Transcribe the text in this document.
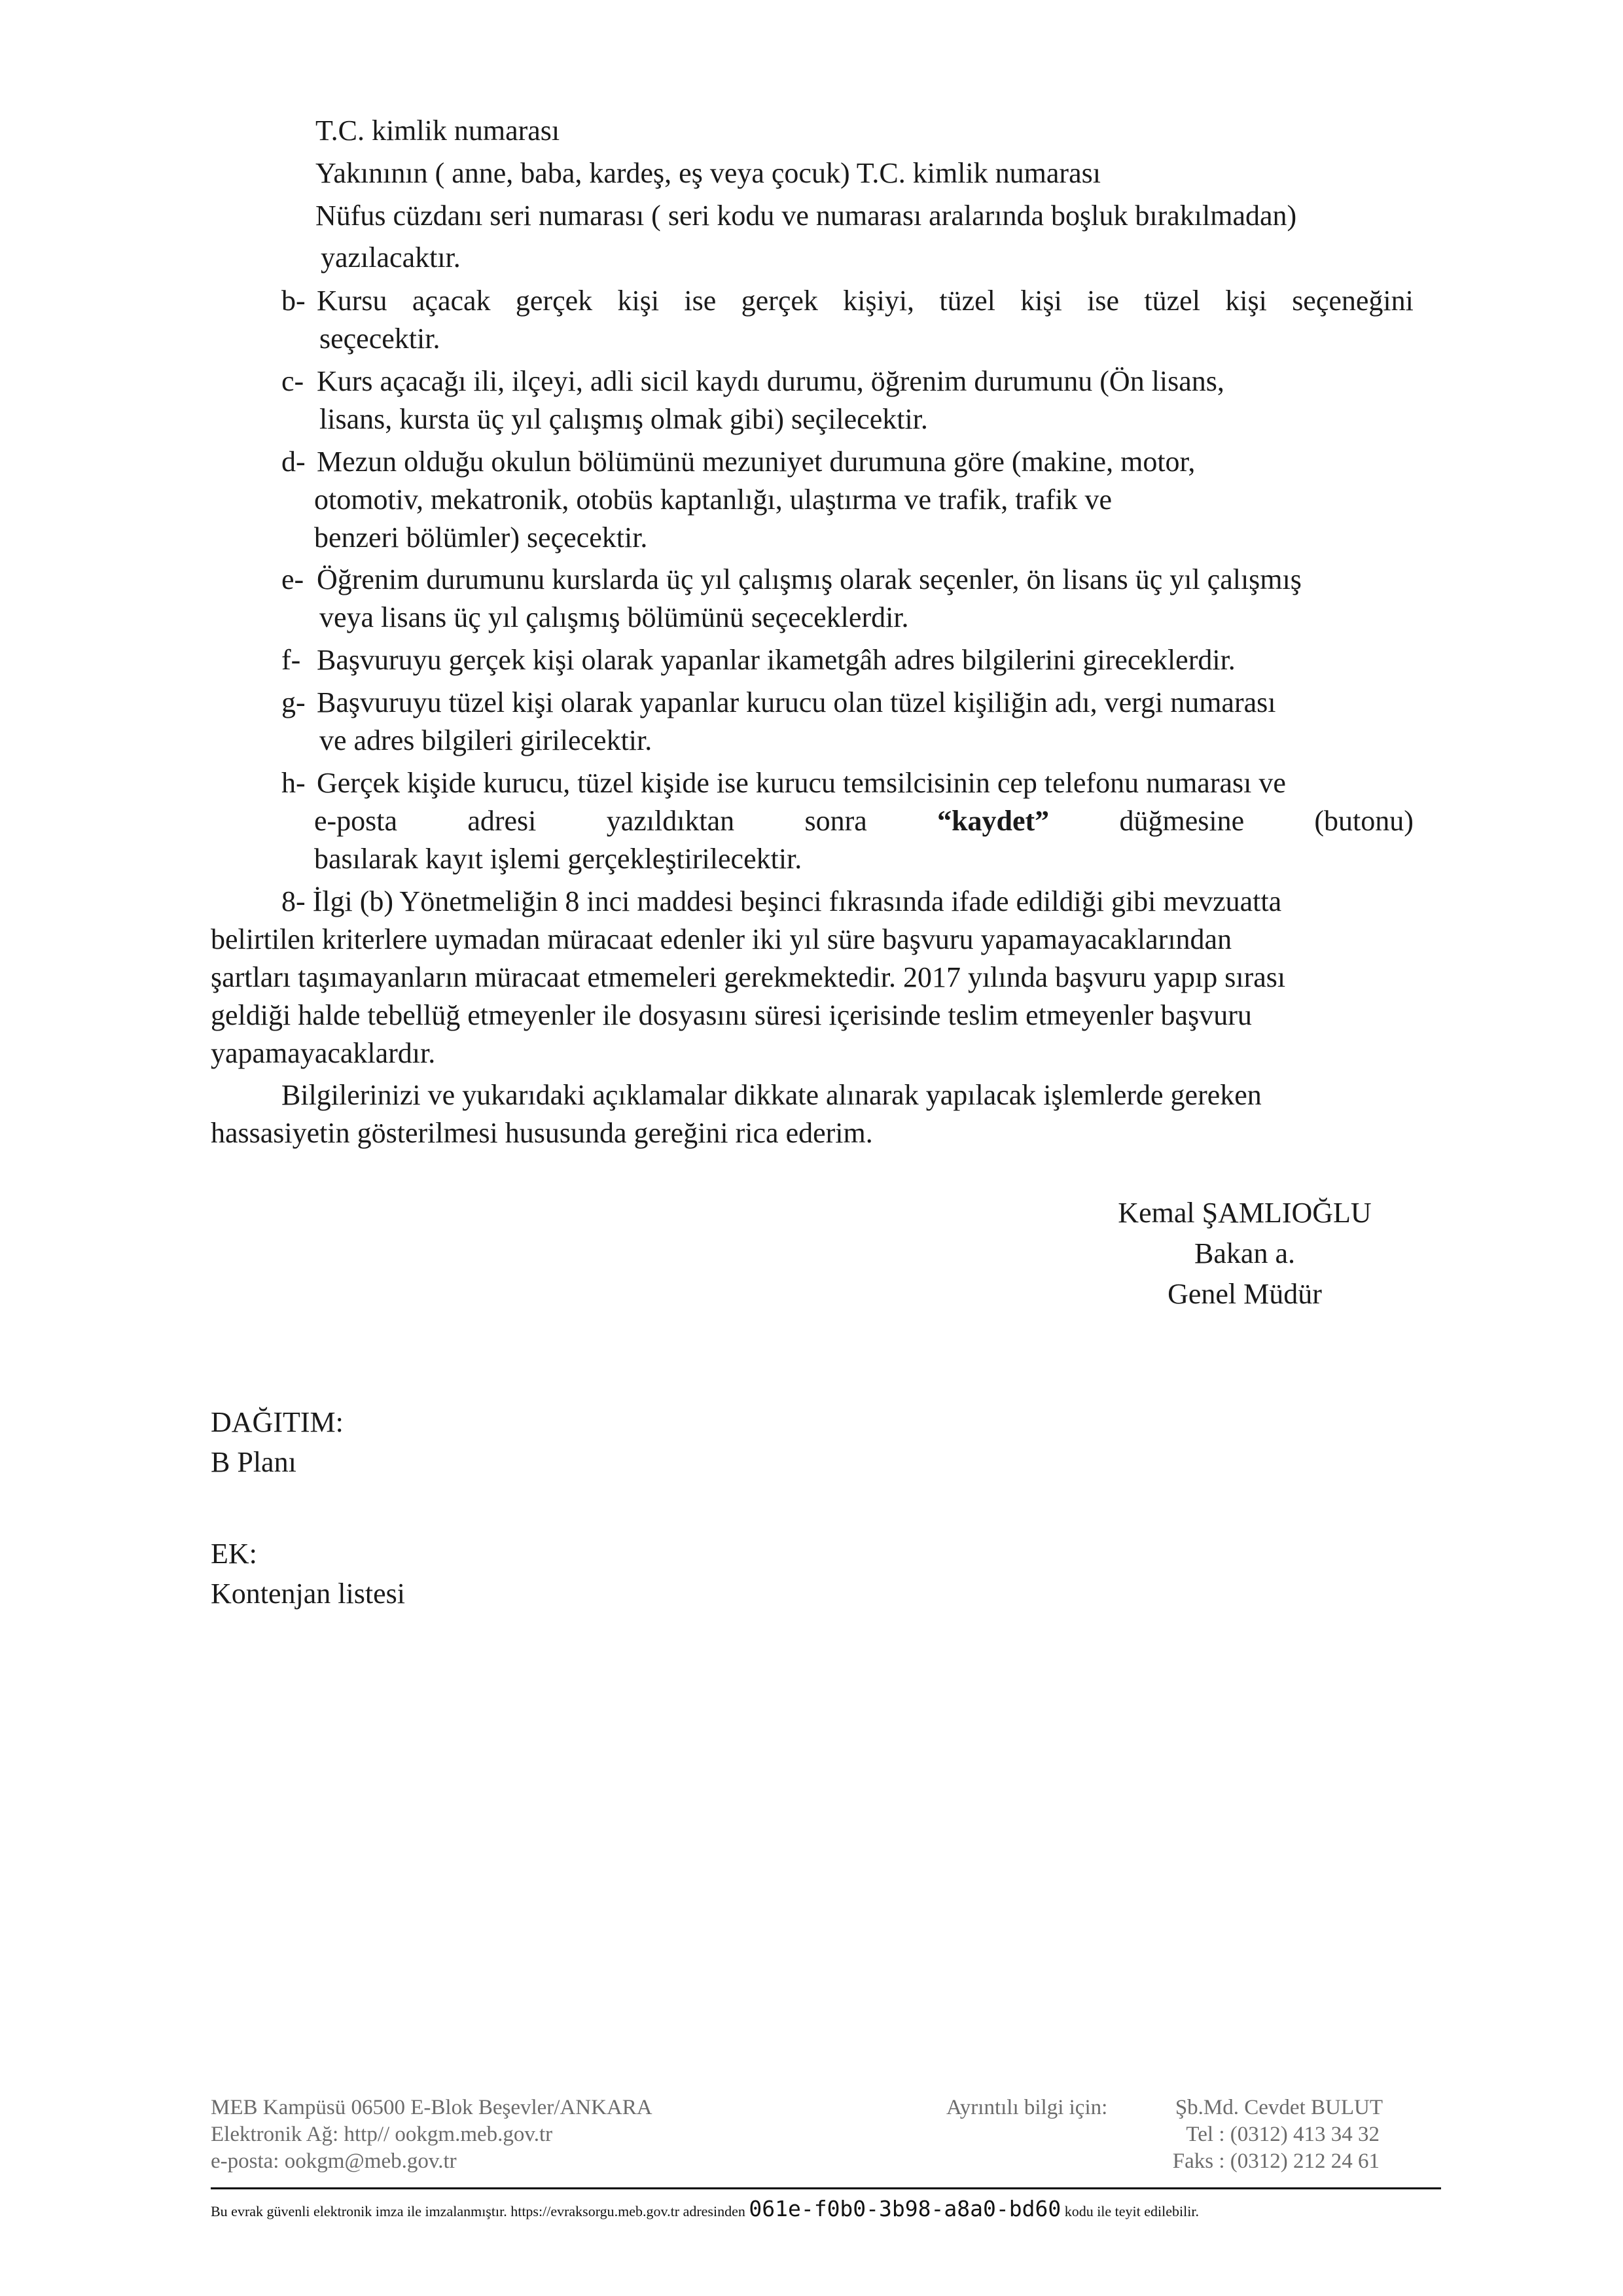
T.C. kimlik numarası
Yakınının ( anne, baba, kardeş, eş veya çocuk) T.C. kimlik numarası
Nüfus cüzdanı seri numarası ( seri kodu ve numarası aralarında boşluk bırakılmadan)
yazılacaktır.
b- Kursu açacak gerçek kişi ise gerçek kişiyi, tüzel kişi ise tüzel kişi seçeneğini
seçecektir.
c- Kurs açacağı ili, ilçeyi, adli sicil kaydı durumu, öğrenim durumunu (Ön lisans,
lisans, kursta üç yıl çalışmış olmak gibi) seçilecektir.
d- Mezun olduğu okulun bölümünü mezuniyet durumuna göre (makine, motor,
otomotiv, mekatronik, otobüs kaptanlığı, ulaştırma ve trafik, trafik ve
benzeri bölümler) seçecektir.
e- Öğrenim durumunu kurslarda üç yıl çalışmış olarak seçenler, ön lisans üç yıl çalışmış
veya lisans üç yıl çalışmış bölümünü seçeceklerdir.
f- Başvuruyu gerçek kişi olarak yapanlar ikametgâh adres bilgilerini gireceklerdir.
g- Başvuruyu tüzel kişi olarak yapanlar kurucu olan tüzel kişiliğin adı, vergi numarası
ve adres bilgileri girilecektir.
h- Gerçek kişide kurucu, tüzel kişide ise kurucu temsilcisinin cep telefonu numarası ve
e-posta adresi yazıldıktan sonra “kaydet” düğmesine (butonu)
basılarak kayıt işlemi gerçekleştirilecektir.
8- İlgi (b) Yönetmeliğin 8 inci maddesi beşinci fıkrasında ifade edildiği gibi mevzuatta
belirtilen kriterlere uymadan müracaat edenler iki yıl süre başvuru yapamayacaklarından
şartları taşımayanların müracaat etmemeleri gerekmektedir. 2017 yılında başvuru yapıp sırası
geldiği halde tebellüğ etmeyenler ile dosyasını süresi içerisinde teslim etmeyenler başvuru
yapamayacaklardır.
Bilgilerinizi ve yukarıdaki açıklamalar dikkate alınarak yapılacak işlemlerde gereken
hassasiyetin gösterilmesi hususunda gereğini rica ederim.
Kemal ŞAMLIOĞLU
Bakan a.
Genel Müdür
DAĞITIM:
B Planı
EK:
Kontenjan listesi
MEB Kampüsü 06500 E-Blok Beşevler/ANKARA
Elektronik Ağ: http// ookgm.meb.gov.tr
e-posta: ookgm@meb.gov.tr
Ayrıntılı bilgi için:	Şb.Md. Cevdet BULUT
Tel : (0312) 413 34 32
Faks : (0312) 212 24 61
Bu evrak güvenli elektronik imza ile imzalanmıştır. https://evraksorgu.meb.gov.tr adresinden 061e-f0b0-3b98-a8a0-bd60 kodu ile teyit edilebilir.
